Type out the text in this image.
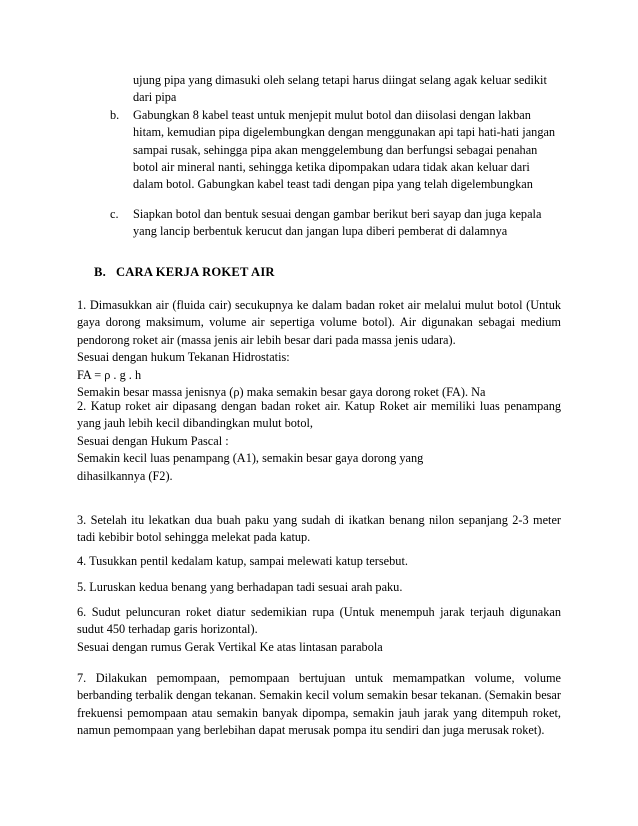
ujung pipa yang dimasuki oleh selang tetapi harus diingat selang agak keluar sedikit dari pipa

b. Gabungkan 8 kabel teast untuk menjepit mulut botol dan diisolasi dengan lakban hitam, kemudian pipa digelembungkan dengan menggunakan api tapi hati-hati jangan sampai rusak, sehingga pipa akan menggelembung dan berfungsi sebagai penahan botol air mineral nanti, sehingga ketika dipompakan udara tidak akan keluar dari dalam botol. Gabungkan kabel teast tadi dengan pipa yang telah digelembungkan

c. Siapkan botol dan bentuk sesuai dengan gambar berikut beri sayap dan juga kepala yang lancip berbentuk kerucut dan jangan lupa diberi pemberat di dalamnya

B. CARA KERJA ROKET AIR

1. Dimasukkan air (fluida cair) secukupnya ke dalam badan roket air melalui mulut botol (Untuk gaya dorong maksimum, volume air sepertiga volume botol). Air digunakan sebagai medium pendorong roket air (massa jenis air lebih besar dari pada massa jenis udara).

Sesuai dengan hukum Tekanan Hidrostatis:

FA = ρ . g . h

Semakin besar massa jenisnya (ρ) maka semakin besar gaya dorong roket (FA). Na

2. Katup roket air dipasang dengan badan roket air. Katup Roket air memiliki luas penampang yang jauh lebih kecil dibandingkan mulut botol,

Sesuai dengan Hukum Pascal :

Semakin kecil luas penampang (A1), semakin besar gaya dorong yang

dihasilkannya (F2).

3. Setelah itu lekatkan dua buah paku yang sudah di ikatkan benang nilon sepanjang 2-3 meter tadi kebibir botol sehingga melekat pada katup.

4. Tusukkan pentil kedalam katup, sampai melewati katup tersebut.

5. Luruskan kedua benang yang berhadapan tadi sesuai arah paku.

6. Sudut peluncuran roket diatur sedemikian rupa (Untuk menempuh jarak terjauh digunakan sudut 450 terhadap garis horizontal).

Sesuai dengan rumus Gerak Vertikal Ke atas lintasan parabola

7. Dilakukan pemompaan, pemompaan bertujuan untuk memampatkan volume, volume berbanding terbalik dengan tekanan. Semakin kecil volum semakin besar tekanan. (Semakin besar frekuensi pemompaan atau semakin banyak dipompa, semakin jauh jarak yang ditempuh roket, namun pemompaan yang berlebihan dapat merusak pompa itu sendiri dan juga merusak roket).
